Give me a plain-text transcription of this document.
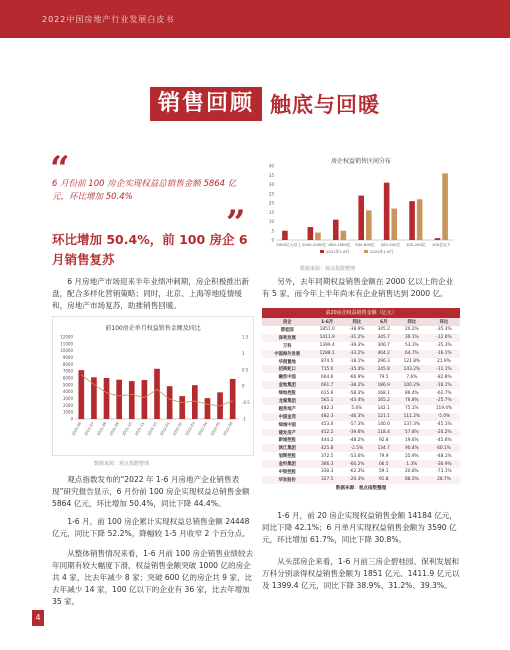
2022中国房地产行业发展白皮书
销售回顾 触底与回暖
“
6 月份前 100 房企实现权益总销售金额 5864 亿元，环比增加 50.4%
”
环比增加 50.4%，前 100 房企 6 月销售复苏

6 月房地产市场迎来半年业绩冲刺期，房企积极推出新盘，配合多样化营销策略；同时，北京、上海等地疫情缓和，房地产市场复苏，助推销售回暖。

前100房企单月权益销售金额及同比
0
1000
2000
3000
4000
5000
6000
7000
8000
9000
10000
11000
12000
-1
-0.5
0
0.5
1
1.5
2021-06 2021-07 2021-08 2021-09 2021-10 2021-11 2021-12 2022-01 2022-02 2022-03 2022-04 2022-05 2022-06
数据来源：观点指数整理

观点指数发布的“2022 年 1-6 月房地产企业销售表现”研究报告显示，6 月份前 100 房企实现权益总销售金额 5864 亿元，环比增加 50.4%，同比下降 44.4%。

1-6 月，前 100 房企累计实现权益总销售金额 24448 亿元，同比下降 52.2%，降幅较 1-5 月收窄 2 个百分点。

从整体销售情况来看，1-6 月前 100 房企销售业绩较去年同期有较大幅度下滑，权益销售金额突破 1000 亿的房企共 4 家，比去年减少 8 家；突破 600 亿的房企共 9 家，比去年减少 14 家，100 亿以下的企业有 36 家，比去年增加 35 家。

房企权益销售区间分布
0
5
10
15
20
25
30
35
40
2000亿元以上 1000-2000亿 600-1000亿 300-600亿 200-300亿 100-200亿 100亿以下
2021年1-6月	2022年1-6月
数据来源：观点指数整理

另外，去年同期权益销售金额在 2000 亿以上的企业有 5 家，而今年上半年尚未有企业销售达到 2000 亿。

前20房企权益销售金额（亿元）
房企	1-6月	同比	6月	同比	环比
碧桂园	1851.0	-38.9%	345.2	20.2%	-35.3%
保利发展	1411.9	-31.2%	345.7	36.1%	-12.6%
万科	1399.4	-39.3%	306.7	53.3%	-35.3%
中国海外发展	1288.1	-33.2%	404.2	64.7%	-16.1%
华润置地	874.5	-18.1%	296.3	121.8%	21.9%
招商蛇口	715.0	-35.4%	245.8	143.2%	-11.1%
融创中国	664.6	-66.9%	79.5	7.6%	-82.8%
金地集团	661.7	-38.2%	186.9	100.2%	-16.1%
绿地控股	615.6	-58.3%	168.1	86.4%	-62.7%
龙湖集团	565.1	-43.4%	165.2	76.8%	-25.7%
越秀地产	482.3	5.6%	142.1	75.1%	119.4%
中国金茂	482.3	-46.3%	121.1	111.2%	-5.0%
绿城中国	453.0	-57.3%	140.0	137.3%	-45.1%
建发房产	452.2	-39.6%	118.4	57.8%	-20.2%
新城控股	444.2	-48.2%	92.8	19.6%	-45.6%
滨江集团	425.8	-2.5%	134.7	90.4%	60.1%
旭辉控股	372.5	-53.6%	79.9	25.9%	-48.1%
金科集团	366.3	-60.2%	66.5	1.3%	-36.9%
中梁控股	330.3	-62.3%	59.1	20.8%	-73.1%
华发股份	327.5	-20.3%	91.8	88.5%	28.7%
数据来源：观点指数整理

1-6 月，前 20 房企实现权益销售金额 14184 亿元，同比下降 42.1%；6 月单月实现权益销售金额为 3590 亿元，环比增加 61.7%，同比下降 30.8%。

从头部房企来看，1-6 月前三房企碧桂园、保利发展和万科分别录得权益销售金额为 1851 亿元、1411.9 亿元以及 1399.4 亿元，同比下降 38.9%、31.2%、39.3%。

4
